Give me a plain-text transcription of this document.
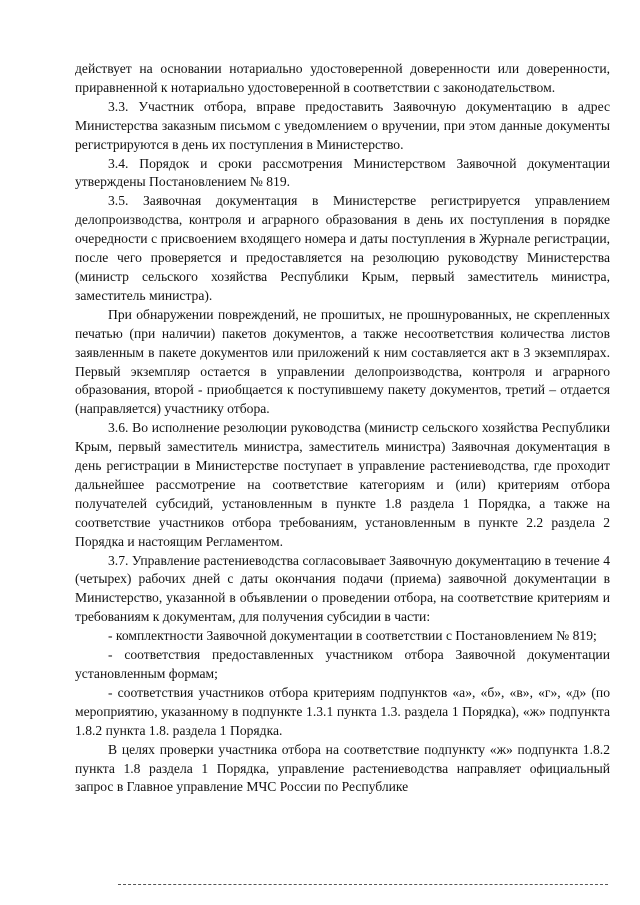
действует на основании нотариально удостоверенной доверенности или доверенности, приравненной к нотариально удостоверенной в соответствии с законодательством.

3.3. Участник отбора, вправе предоставить Заявочную документацию в адрес Министерства заказным письмом с уведомлением о вручении, при этом данные документы регистрируются в день их поступления в Министерство.

3.4. Порядок и сроки рассмотрения Министерством Заявочной документации утверждены Постановлением № 819.

3.5. Заявочная документация в Министерстве регистрируется управлением делопроизводства, контроля и аграрного образования в день их поступления в порядке очередности с присвоением входящего номера и даты поступления в Журнале регистрации, после чего проверяется и предоставляется на резолюцию руководству Министерства (министр сельского хозяйства Республики Крым, первый заместитель министра, заместитель министра).

При обнаружении повреждений, не прошитых, не прошнурованных, не скрепленных печатью (при наличии) пакетов документов, а также несоответствия количества листов заявленным в пакете документов или приложений к ним составляется акт в 3 экземплярах. Первый экземпляр остается в управлении делопроизводства, контроля и аграрного образования, второй - приобщается к поступившему пакету документов, третий – отдается (направляется) участнику отбора.

3.6. Во исполнение резолюции руководства (министр сельского хозяйства Республики Крым, первый заместитель министра, заместитель министра) Заявочная документация в день регистрации в Министерстве поступает в управление растениеводства, где проходит дальнейшее рассмотрение на соответствие категориям и (или) критериям отбора получателей субсидий, установленным в пункте 1.8 раздела 1 Порядка, а также на соответствие участников отбора требованиям, установленным в пункте 2.2 раздела 2 Порядка и настоящим Регламентом.

3.7. Управление растениеводства согласовывает Заявочную документацию в течение 4 (четырех) рабочих дней с даты окончания подачи (приема) заявочной документации в Министерство, указанной в объявлении о проведении отбора, на соответствие критериям и требованиям к документам, для получения субсидии в части:

- комплектности Заявочной документации в соответствии с Постановлением № 819;

- соответствия предоставленных участником отбора Заявочной документации установленным формам;

- соответствия участников отбора критериям подпунктов «а», «б», «в», «г», «д» (по мероприятию, указанному в подпункте 1.3.1 пункта 1.3. раздела 1 Порядка), «ж» подпункта 1.8.2 пункта 1.8. раздела 1 Порядка.

В целях проверки участника отбора на соответствие подпункту «ж» подпункта 1.8.2 пункта 1.8 раздела 1 Порядка, управление растениеводства направляет официальный запрос в Главное управление МЧС России по Республике
